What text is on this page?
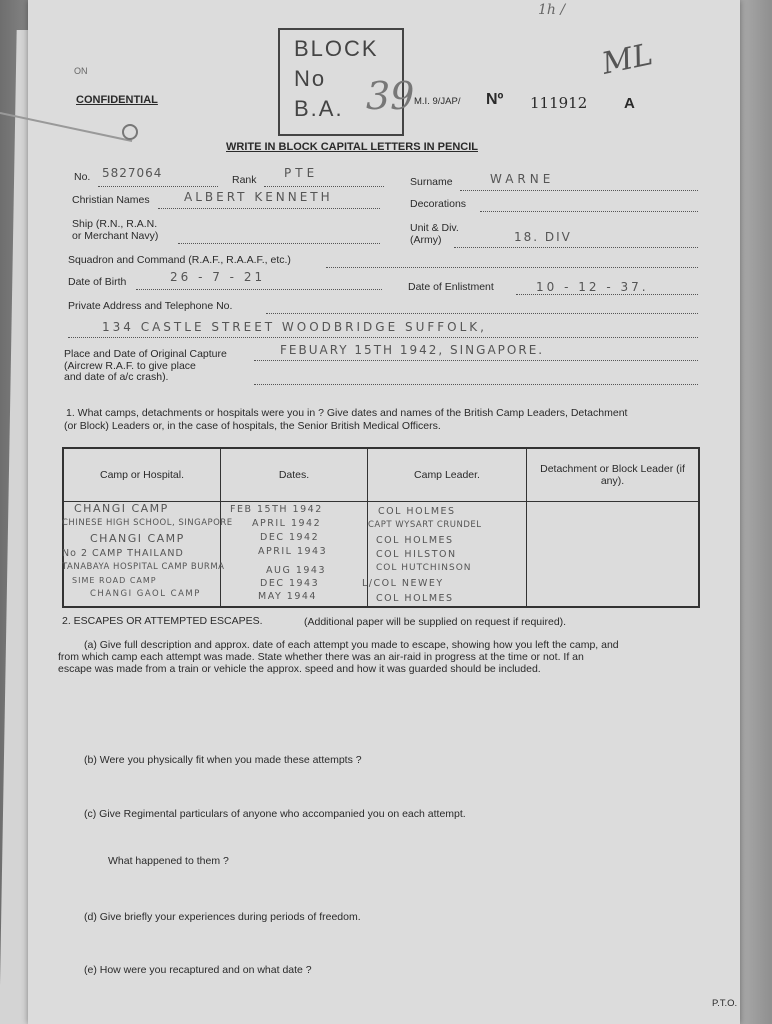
1h /
ON
CONFIDENTIAL
BLOCK
No
B.A. 39
ML
M.I. 9/JAP/ Nº 111912 A
WRITE IN BLOCK CAPITAL LETTERS IN PENCIL
No. 5827064	Rank PTE
Surname	WARNE
Christian Names	ALBERT KENNETH	Decorations
Ship (R.N., R.A.N.
or Merchant Navy)
Unit & Div.
(Army)	18. DIV
Squadron and Command (R.A.F., R.A.A.F., etc.)
Date of Birth	26 - 7 - 21
Date of Enlistment	10 - 12 - 37.
Private Address and Telephone No.
134 CASTLE STREET WOODBRIDGE SUFFOLK,
Place and Date of Original Capture
(Aircrew R.A.F. to give place
and date of a/c crash).
FEBUARY 15TH 1942, SINGAPORE.
1. What camps, detachments or hospitals were you in ? Give dates and names of the British Camp Leaders, Detachment
(or Block) Leaders or, in the case of hospitals, the Senior British Medical Officers.
Camp or Hospital.	Dates.	Camp Leader.	Detachment or Block Leader (if any).

CHANGI CAMP	FEB 15TH 1942	COL HOLMES
CHINESE HIGH SCHOOL, SINGAPORE APRIL 1942	CAPT WYSART CRUNDEL
CHANGI CAMP	DEC 1942	COL HOLMES
No 2 CAMP THAILAND	APRIL 1943	COL HILSTON
TANABAYA HOSPITAL CAMP BURMA	AUG 1943	COL HUTCHINSON
SIME ROAD CAMP	DEC 1943	L/COL NEWEY
CHANGI GAOL CAMP	MAY 1944	COL HOLMES
2. ESCAPES OR ATTEMPTED ESCAPES.	(Additional paper will be supplied on request if required).
(a) Give full description and approx. date of each attempt you made to escape, showing how you left the camp, and
from which camp each attempt was made. State whether there was an air-raid in progress at the time or not. If an
escape was made from a train or vehicle the approx. speed and how it was guarded should be included.
(b) Were you physically fit when you made these attempts ?
(c) Give Regimental particulars of anyone who accompanied you on each attempt.
What happened to them ?
(d) Give briefly your experiences during periods of freedom.
(e) How were you recaptured and on what date ?
P.T.O.
